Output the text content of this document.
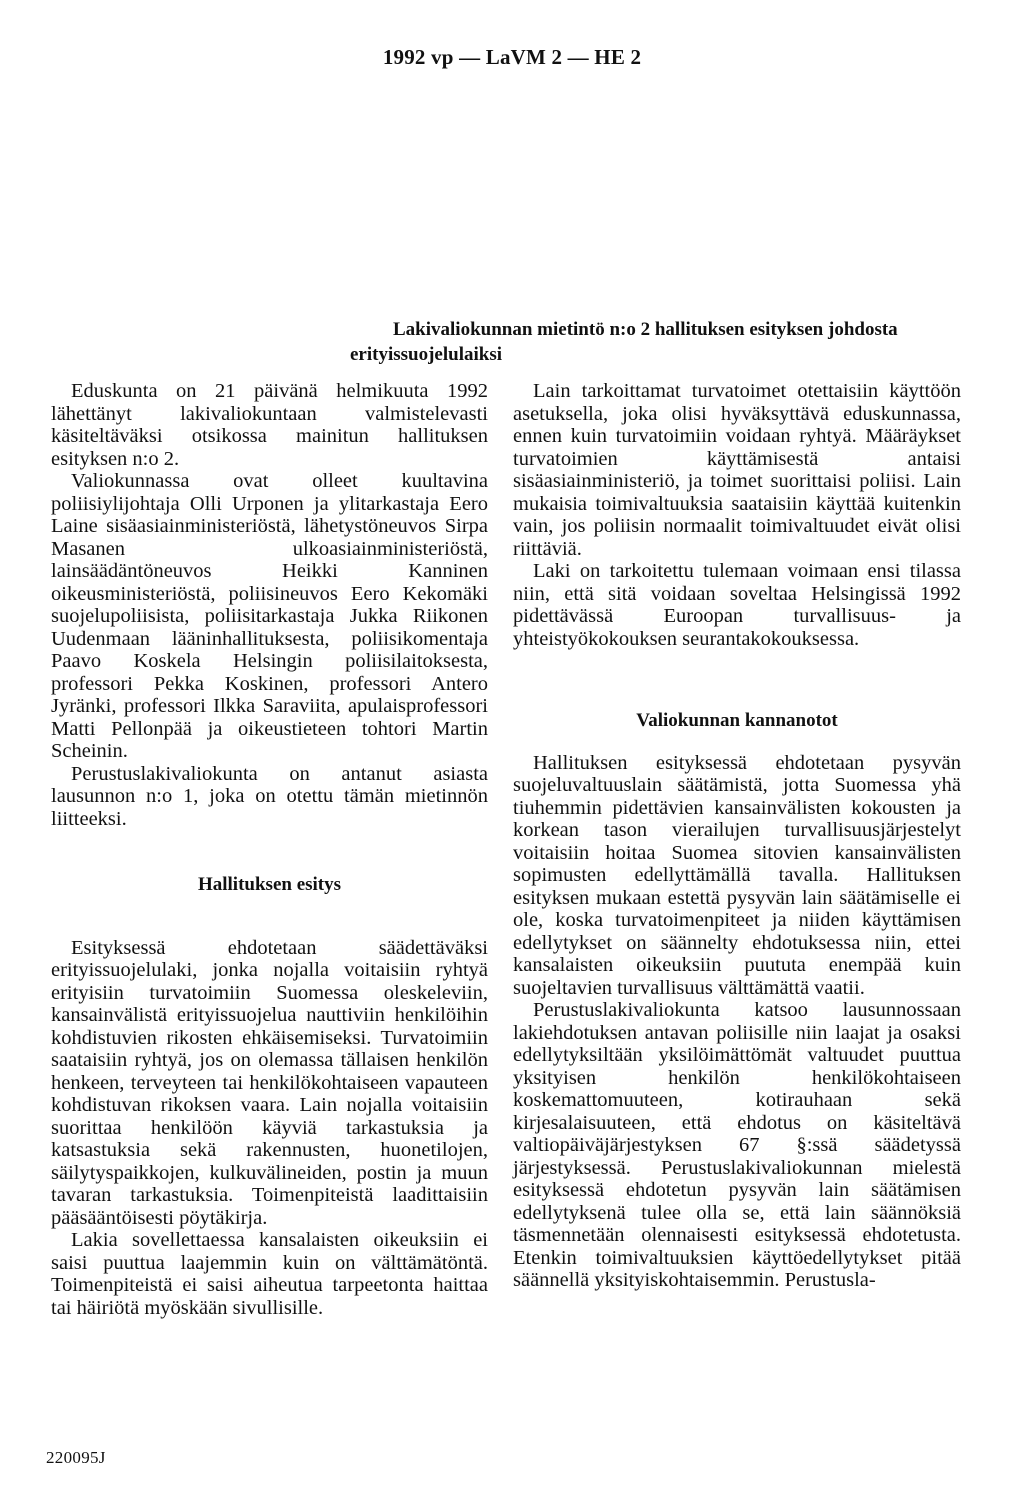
1992 vp — LaVM 2 — HE 2
Lakivaliokunnan mietintö n:o 2 hallituksen esityksen johdosta erityissuojelulaiksi

Eduskunta on 21 päivänä helmikuuta 1992 lähettänyt lakivaliokuntaan valmistelevasti käsiteltäväksi otsikossa mainitun hallituksen esityksen n:o 2.

Valiokunnassa ovat olleet kuultavina poliisiylijohtaja Olli Urponen ja ylitarkastaja Eero Laine sisäasiainministeriöstä, lähetystöneuvos Sirpa Masanen ulkoasiainministeriöstä, lainsäädäntöneuvos Heikki Kanninen oikeusministeriöstä, poliisineuvos Eero Kekomäki suojelupoliisista, poliisitarkastaja Jukka Riikonen Uudenmaan lääninhallituksesta, poliisikomentaja Paavo Koskela Helsingin poliisilaitoksesta, professori Pekka Koskinen, professori Antero Jyränki, professori Ilkka Saraviita, apulaisprofessori Matti Pellonpää ja oikeustieteen tohtori Martin Scheinin.

Perustuslakivaliokunta on antanut asiasta lausunnon n:o 1, joka on otettu tämän mietinnön liitteeksi.

Hallituksen esitys

Esityksessä ehdotetaan säädettäväksi erityissuojelulaki, jonka nojalla voitaisiin ryhtyä erityisiin turvatoimiin Suomessa oleskeleviin, kansainvälistä erityissuojelua nauttiviin henkilöihin kohdistuvien rikosten ehkäisemiseksi. Turvatoimiin saataisiin ryhtyä, jos on olemassa tällaisen henkilön henkeen, terveyteen tai henkilökohtaiseen vapauteen kohdistuvan rikoksen vaara. Lain nojalla voitaisiin suorittaa henkilöön käyviä tarkastuksia ja katsastuksia sekä rakennusten, huonetilojen, säilytyspaikkojen, kulkuvälineiden, postin ja muun tavaran tarkastuksia. Toimenpiteistä laadittaisiin pääsääntöisesti pöytäkirja.

Lakia sovellettaessa kansalaisten oikeuksiin ei saisi puuttua laajemmin kuin on välttämätöntä. Toimenpiteistä ei saisi aiheutua tarpeetonta haittaa tai häiriötä myöskään sivullisille.

Lain tarkoittamat turvatoimet otettaisiin käyttöön asetuksella, joka olisi hyväksyttävä eduskunnassa, ennen kuin turvatoimiin voidaan ryhtyä. Määräykset turvatoimien käyttämisestä antaisi sisäasiainministeriö, ja toimet suorittaisi poliisi. Lain mukaisia toimivaltuuksia saataisiin käyttää kuitenkin vain, jos poliisin normaalit toimivaltuudet eivät olisi riittäviä.

Laki on tarkoitettu tulemaan voimaan ensi tilassa niin, että sitä voidaan soveltaa Helsingissä 1992 pidettävässä Euroopan turvallisuus- ja yhteistyökokouksen seurantakokouksessa.

Valiokunnan kannanotot

Hallituksen esityksessä ehdotetaan pysyvän suojeluvaltuuslain säätämistä, jotta Suomessa yhä tiuhemmin pidettävien kansainvälisten kokousten ja korkean tason vierailujen turvallisuusjärjestelyt voitaisiin hoitaa Suomea sitovien kansainvälisten sopimusten edellyttämällä tavalla. Hallituksen esityksen mukaan estettä pysyvän lain säätämiselle ei ole, koska turvatoimenpiteet ja niiden käyttämisen edellytykset on säännelty ehdotuksessa niin, ettei kansalaisten oikeuksiin puututa enempää kuin suojeltavien turvallisuus välttämättä vaatii.

Perustuslakivaliokunta katsoo lausunnossaan lakiehdotuksen antavan poliisille niin laajat ja osaksi edellytyksiltään yksilöimättömät valtuudet puuttua yksityisen henkilön henkilökohtaiseen koskemattomuuteen, kotirauhaan sekä kirjesalaisuuteen, että ehdotus on käsiteltävä valtiopäiväjärjestyksen 67 §:ssä säädetyssä järjestyksessä. Perustuslakivaliokunnan mielestä esityksessä ehdotetun pysyvän lain säätämisen edellytyksenä tulee olla se, että lain säännöksiä täsmennetään olennaisesti esityksessä ehdotetusta. Etenkin toimivaltuuksien käyttöedellytykset pitää säännellä yksityiskohtaisemmin. Perustusla-

220095J
